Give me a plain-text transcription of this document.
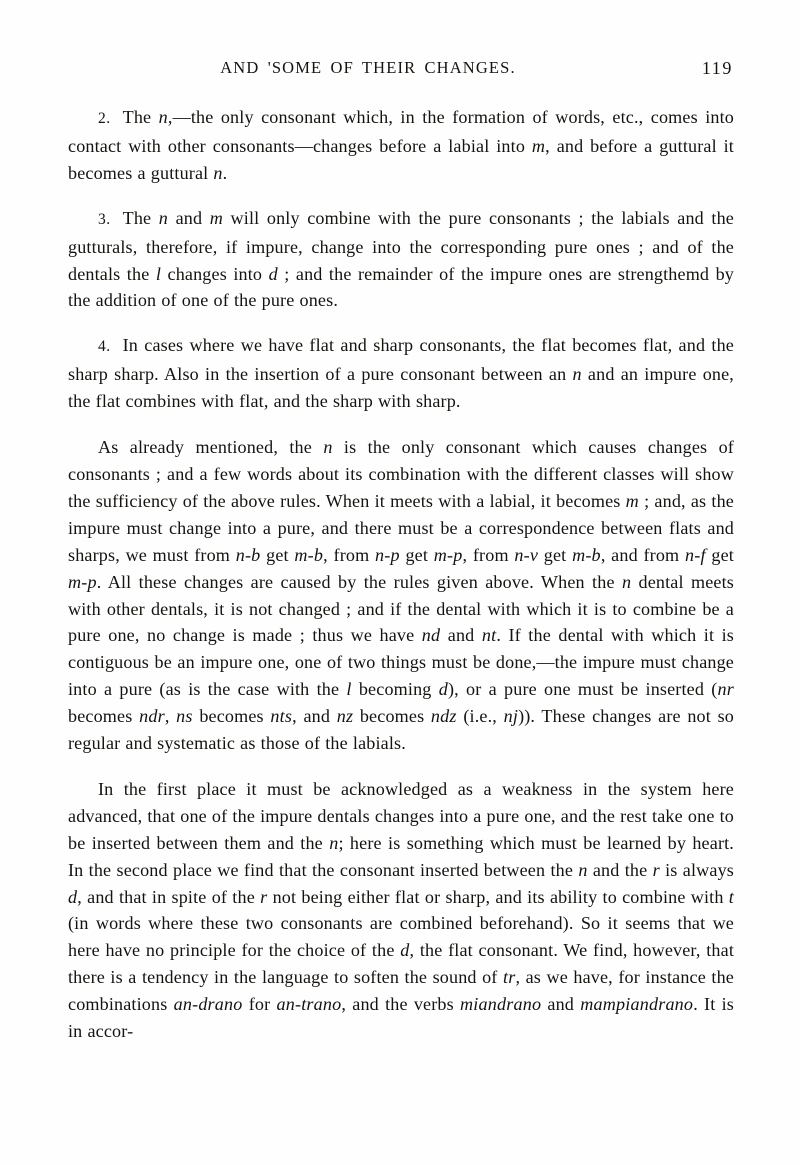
AND 'SOME OF THEIR CHANGES.	119

2. The n,—the only consonant which, in the formation of words, etc., comes into contact with other consonants—changes before a labial into m, and before a guttural it becomes a guttural n.

3. The n and m will only combine with the pure consonants ; the labials and the gutturals, therefore, if impure, change into the corresponding pure ones ; and of the dentals the l changes into d ; and the remainder of the impure ones are strengthemd by the addition of one of the pure ones.

4. In cases where we have flat and sharp consonants, the flat becomes flat, and the sharp sharp. Also in the insertion of a pure consonant between an n and an impure one, the flat combines with flat, and the sharp with sharp.

As already mentioned, the n is the only consonant which causes changes of consonants ; and a few words about its combination with the different classes will show the sufficiency of the above rules. When it meets with a labial, it becomes m ; and, as the impure must change into a pure, and there must be a correspondence between flats and sharps, we must from n-b get m-b, from n-p get m-p, from n-v get m-b, and from n-f get m-p. All these changes are caused by the rules given above. When the n dental meets with other dentals, it is not changed ; and if the dental with which it is to combine be a pure one, no change is made ; thus we have nd and nt. If the dental with which it is contiguous be an impure one, one of two things must be done,—the impure must change into a pure (as is the case with the l becoming d), or a pure one must be inserted (nr becomes ndr, ns becomes nts, and nz becomes ndz (i.e., nj)). These changes are not so regular and systematic as those of the labials.

In the first place it must be acknowledged as a weakness in the system here advanced, that one of the impure dentals changes into a pure one, and the rest take one to be inserted between them and the n; here is something which must be learned by heart. In the second place we find that the consonant inserted between the n and the r is always d, and that in spite of the r not being either flat or sharp, and its ability to combine with t (in words where these two consonants are combined beforehand). So it seems that we here have no principle for the choice of the d, the flat consonant. We find, however, that there is a tendency in the language to soften the sound of tr, as we have, for instance the combinations an-drano for an-trano, and the verbs miandrano and mampiandrano. It is in accor-
